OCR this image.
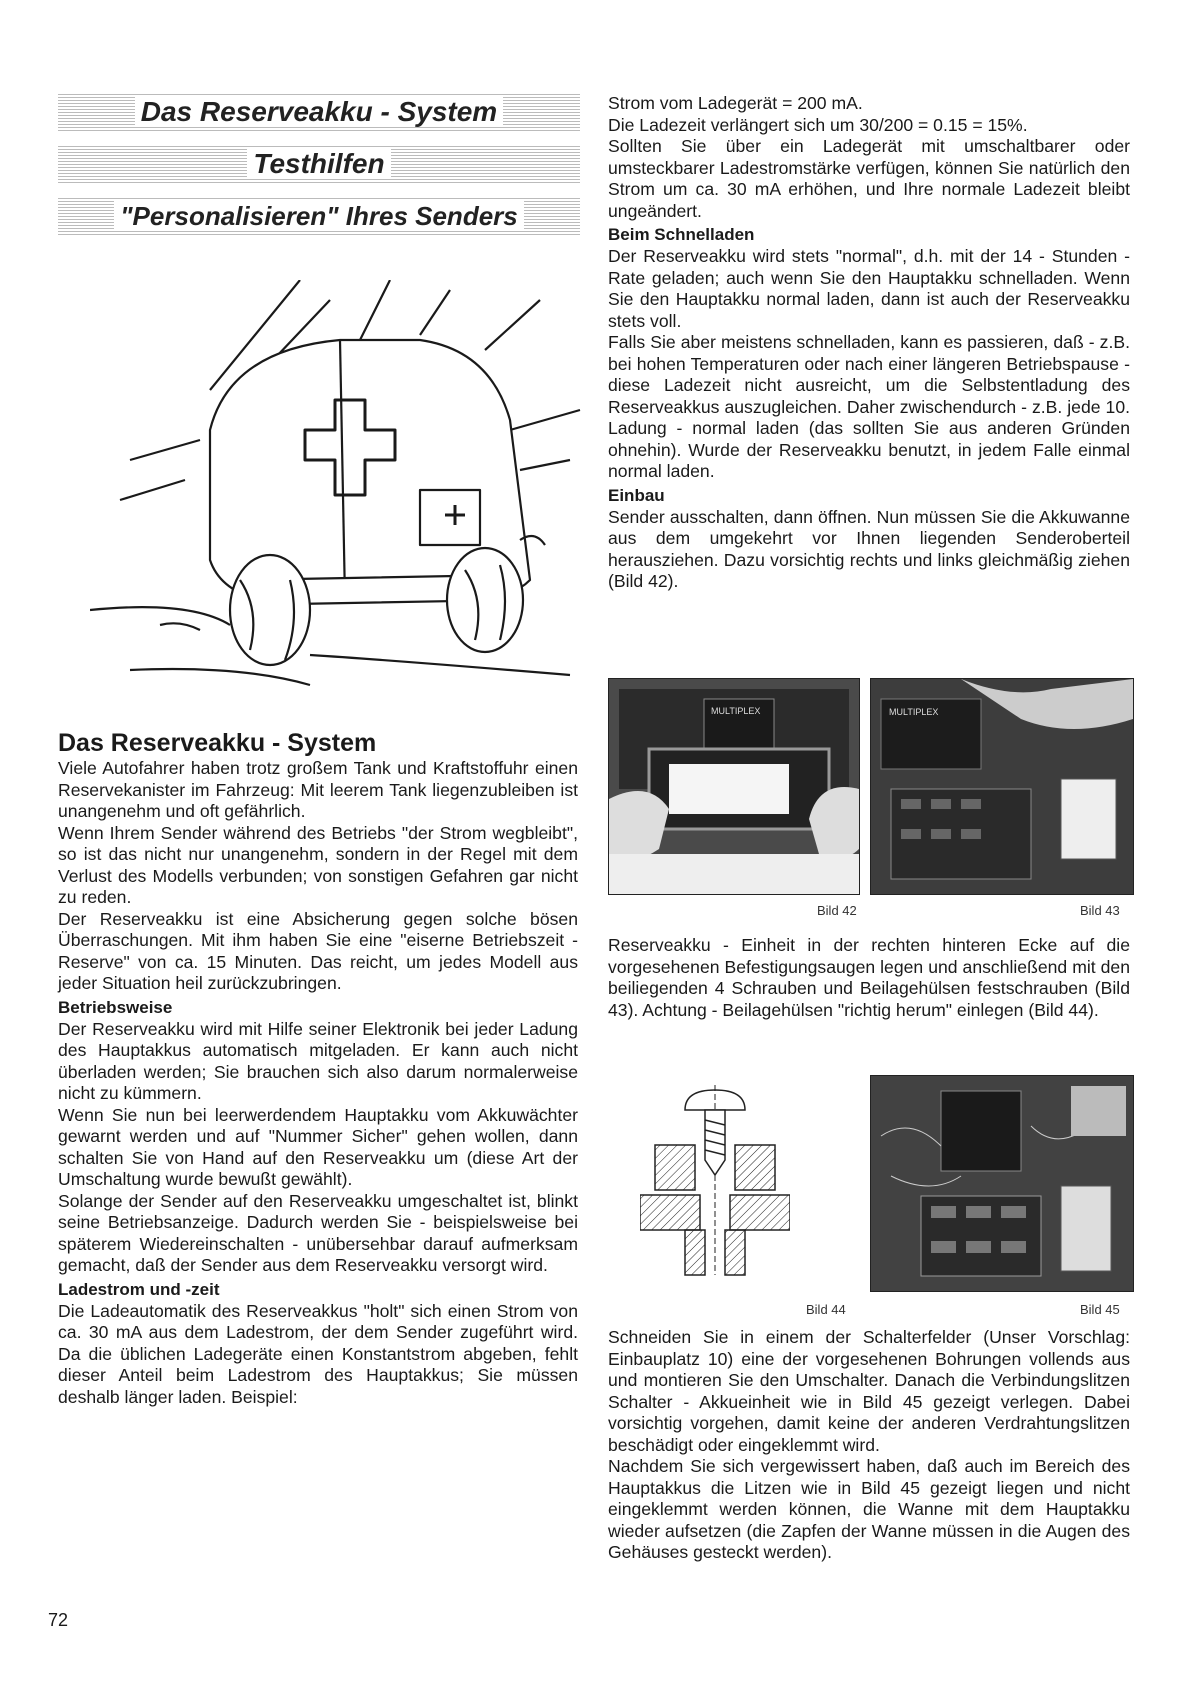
Das Reserveakku - System
Testhilfen
"Personalisieren" Ihres Senders
Das Reserveakku - System

Viele Autofahrer haben trotz großem Tank und Kraftstoffuhr einen Reservekanister im Fahrzeug: Mit leerem Tank liegenzubleiben ist unangenehm und oft gefährlich.

Wenn Ihrem Sender während des Betriebs "der Strom wegbleibt", so ist das nicht nur unangenehm, sondern in der Regel mit dem Verlust des Modells verbunden; von sonstigen Gefahren gar nicht zu reden.

Der Reserveakku ist eine Absicherung gegen solche bösen Überraschungen. Mit ihm haben Sie eine "eiserne Betriebszeit - Reserve" von ca. 15 Minuten. Das reicht, um jedes Modell aus jeder Situation heil zurückzubringen.

Betriebsweise

Der Reserveakku wird mit Hilfe seiner Elektronik bei jeder Ladung des Hauptakkus automatisch mitgeladen. Er kann auch nicht überladen werden; Sie brauchen sich also darum normalerweise nicht zu kümmern.

Wenn Sie nun bei leerwerdendem Hauptakku vom Akkuwächter gewarnt werden und auf "Nummer Sicher" gehen wollen, dann schalten Sie von Hand auf den Reserveakku um (diese Art der Umschaltung wurde bewußt gewählt).

Solange der Sender auf den Reserveakku umgeschaltet ist, blinkt seine Betriebsanzeige. Dadurch werden Sie - beispielsweise bei späterem Wiedereinschalten - unübersehbar darauf aufmerksam gemacht, daß der Sender aus dem Reserveakku versorgt wird.

Ladestrom und -zeit

Die Ladeautomatik des Reserveakkus "holt" sich einen Strom von ca. 30 mA aus dem Ladestrom, der dem Sender zugeführt wird. Da die üblichen Ladegeräte einen Konstantstrom abgeben, fehlt dieser Anteil beim Ladestrom des Hauptakkus; Sie müssen deshalb länger laden. Beispiel:

Strom vom Ladegerät = 200 mA.

Die Ladezeit verlängert sich um 30/200 = 0.15 = 15%.

Sollten Sie über ein Ladegerät mit umschaltbarer oder umsteckbarer Ladestromstärke verfügen, können Sie natürlich den Strom um ca. 30 mA erhöhen, und Ihre normale Ladezeit bleibt ungeändert.

Beim Schnelladen

Der Reserveakku wird stets "normal", d.h. mit der 14 - Stunden - Rate geladen; auch wenn Sie den Hauptakku schnelladen. Wenn Sie den Hauptakku normal laden, dann ist auch der Reserveakku stets voll.

Falls Sie aber meistens schnelladen, kann es passieren, daß - z.B. bei hohen Temperaturen oder nach einer längeren Betriebspause - diese Ladezeit nicht ausreicht, um die Selbstentladung des Reserveakkus auszugleichen. Daher zwischendurch - z.B. jede 10. Ladung - normal laden (das sollten Sie aus anderen Gründen ohnehin). Wurde der Reserveakku benutzt, in jedem Falle einmal normal laden.

Einbau

Sender ausschalten, dann öffnen. Nun müssen Sie die Akkuwanne aus dem umgekehrt vor Ihnen liegenden Senderoberteil herausziehen. Dazu vorsichtig rechts und links gleichmäßig ziehen (Bild 42).

MULTIPLEX	MULTIPLEX
Bild 42	Bild 43

Reserveakku - Einheit in der rechten hinteren Ecke auf die vorgesehenen Befestigungsaugen legen und anschließend mit den beiliegenden 4 Schrauben und Beilagehülsen festschrauben (Bild 43). Achtung - Beilagehülsen "richtig herum" einlegen (Bild 44).

Bild 44	Bild 45

Schneiden Sie in einem der Schalterfelder (Unser Vorschlag: Einbauplatz 10) eine der vorgesehenen Bohrungen vollends aus und montieren Sie den Umschalter. Danach die Verbindungslitzen Schalter - Akkueinheit wie in Bild 45 gezeigt verlegen. Dabei vorsichtig vorgehen, damit keine der anderen Verdrahtungslitzen beschädigt oder eingeklemmt wird.

Nachdem Sie sich vergewissert haben, daß auch im Bereich des Hauptakkus die Litzen wie in Bild 45 gezeigt liegen und nicht eingeklemmt werden können, die Wanne mit dem Hauptakku wieder aufsetzen (die Zapfen der Wanne müssen in die Augen des Gehäuses gesteckt werden).

72
